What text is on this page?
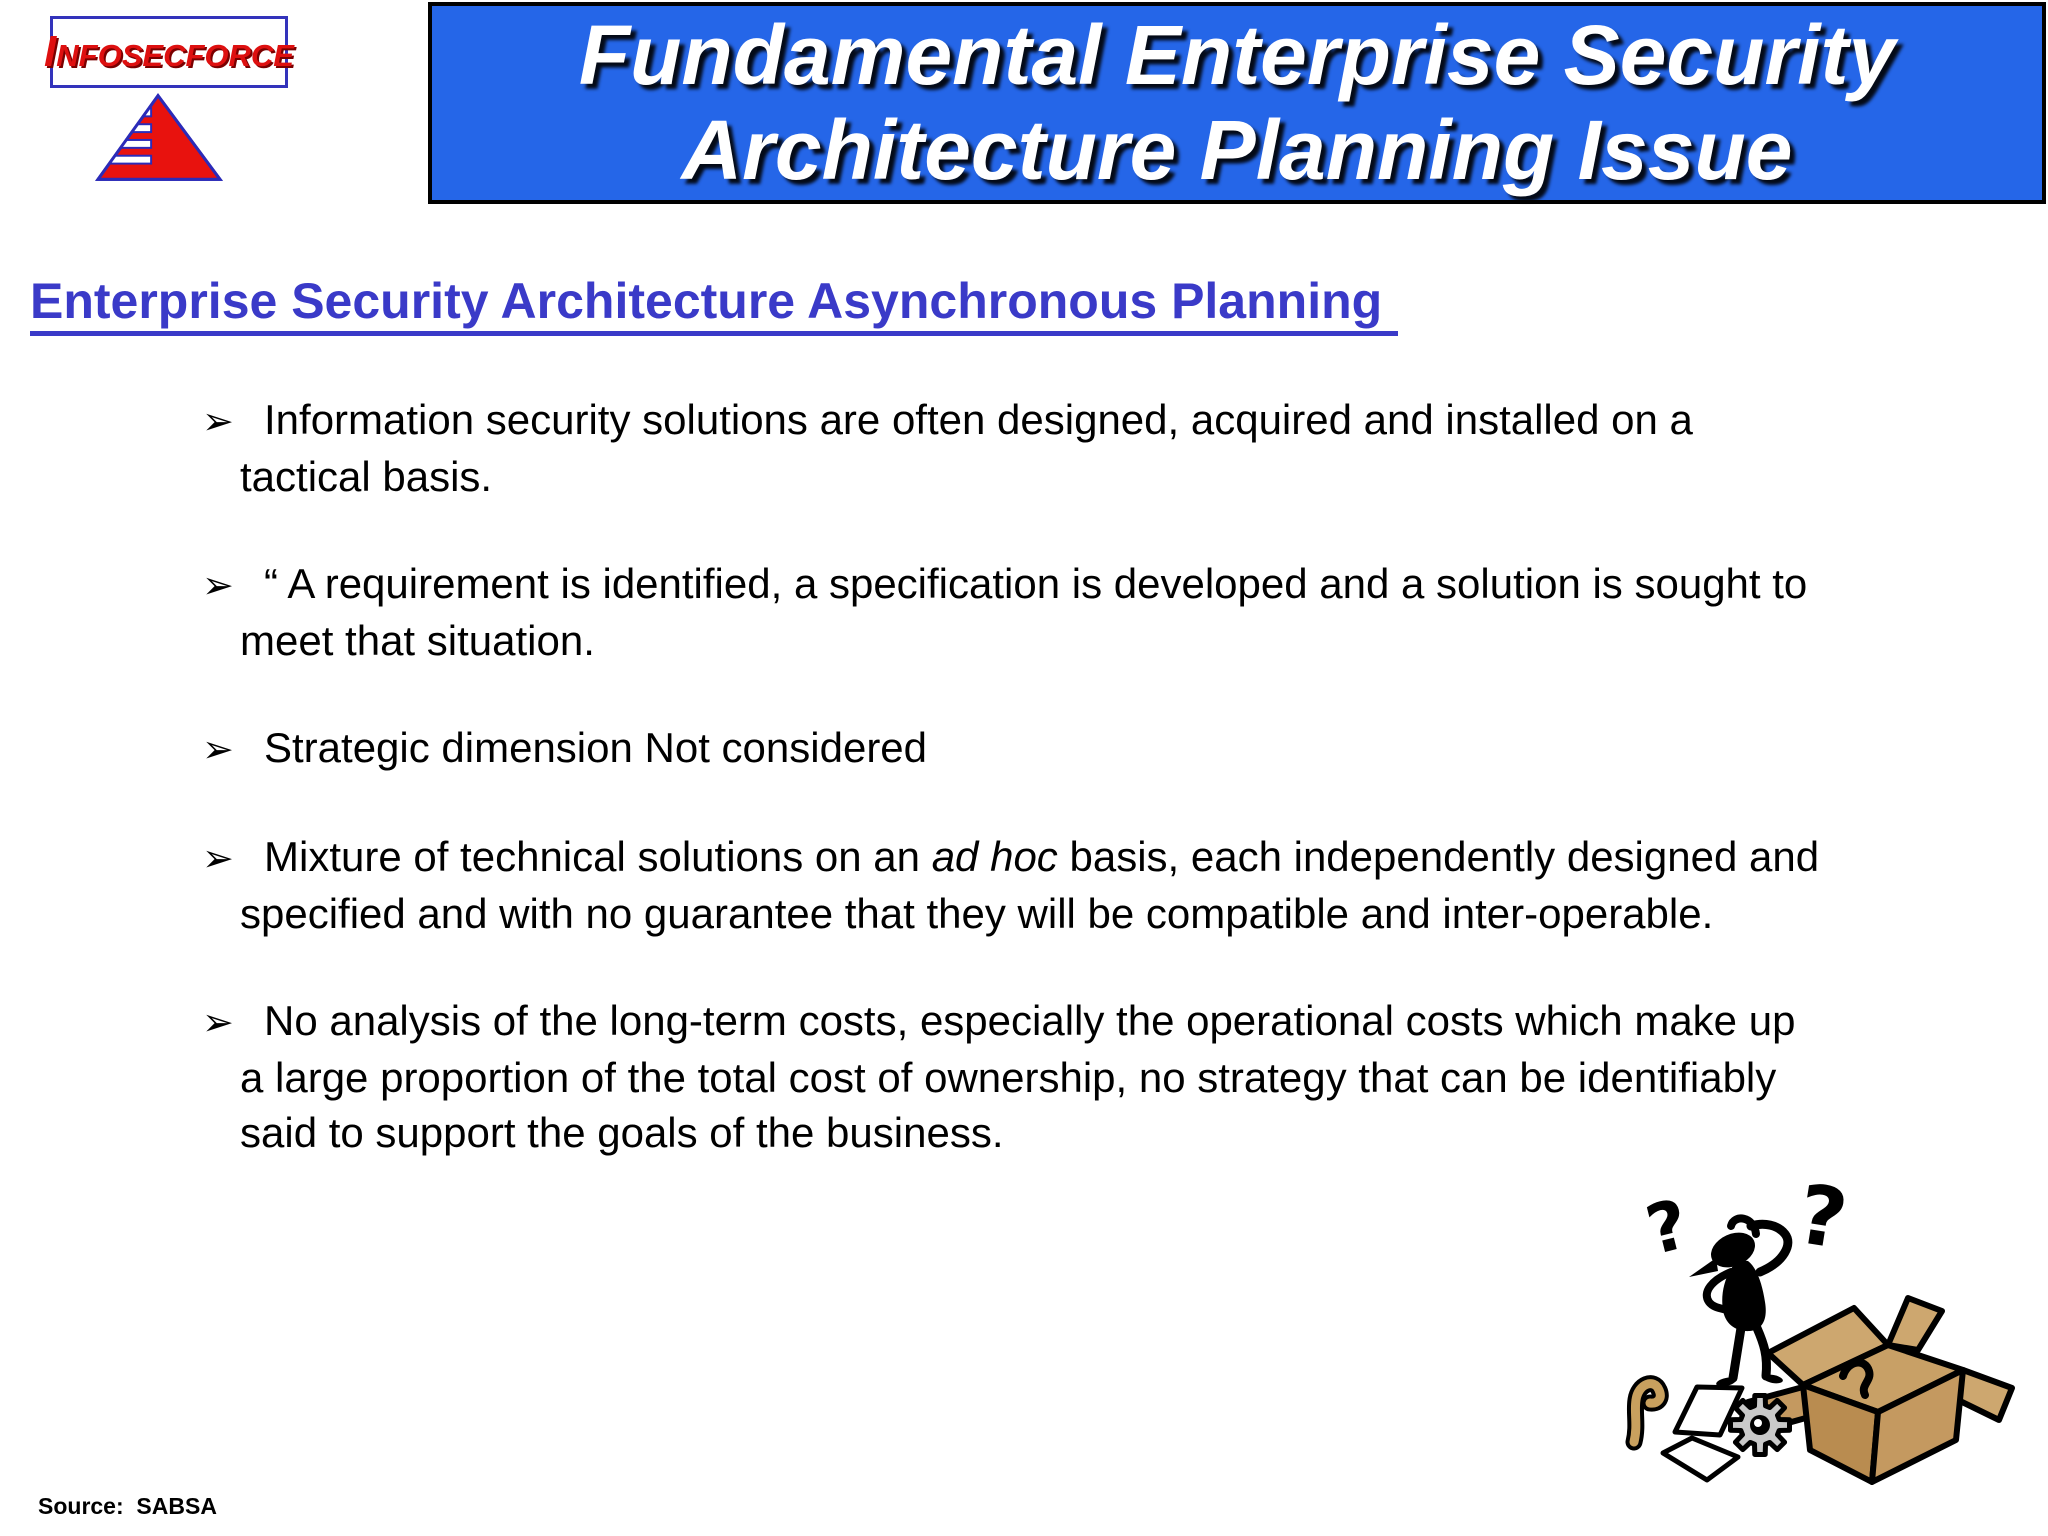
Infosecforce	Fundamental Enterprise Security
Architecture Planning Issue
Enterprise Security Architecture Asynchronous Planning
➢ Information security solutions are often designed, acquired and installed on a tactical basis.
➢ “ A requirement is identified, a specification is developed and a solution is sought to meet that situation.
➢ Strategic dimension Not considered
➢ Mixture of technical solutions on an ad hoc basis, each independently designed and specified and with no guarantee that they will be compatible and inter-operable.
➢ No analysis of the long-term costs, especially the operational costs which make up a large proportion of the total cost of ownership, no strategy that can be identifiably said to support the goals of the business.
? ?
Source:  SABSA
